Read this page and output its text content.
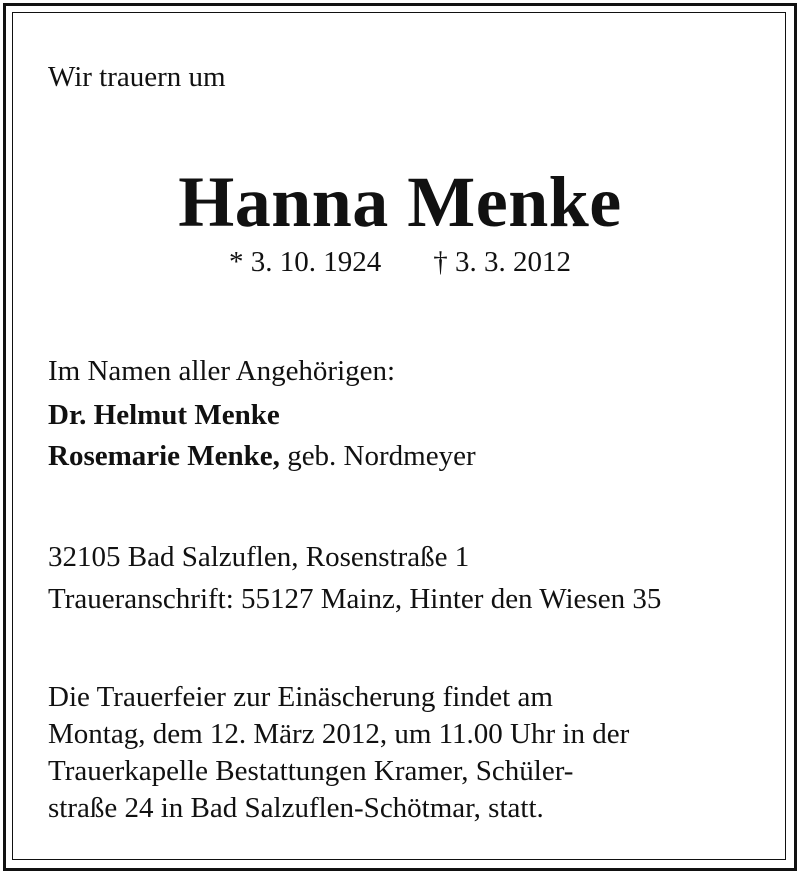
Wir trauern um
Hanna Menke
* 3. 10. 1924 † 3. 3. 2012
Im Namen aller Angehörigen:
Dr. Helmut Menke
Rosemarie Menke, geb. Nordmeyer
32105 Bad Salzuflen, Rosenstraße 1
Traueranschrift: 55127 Mainz, Hinter den Wiesen 35
Die Trauerfeier zur Einäscherung findet am
Montag, dem 12. März 2012, um 11.00 Uhr in der
Trauerkapelle Bestattungen Kramer, Schüler-
straße 24 in Bad Salzuflen-Schötmar, statt.
